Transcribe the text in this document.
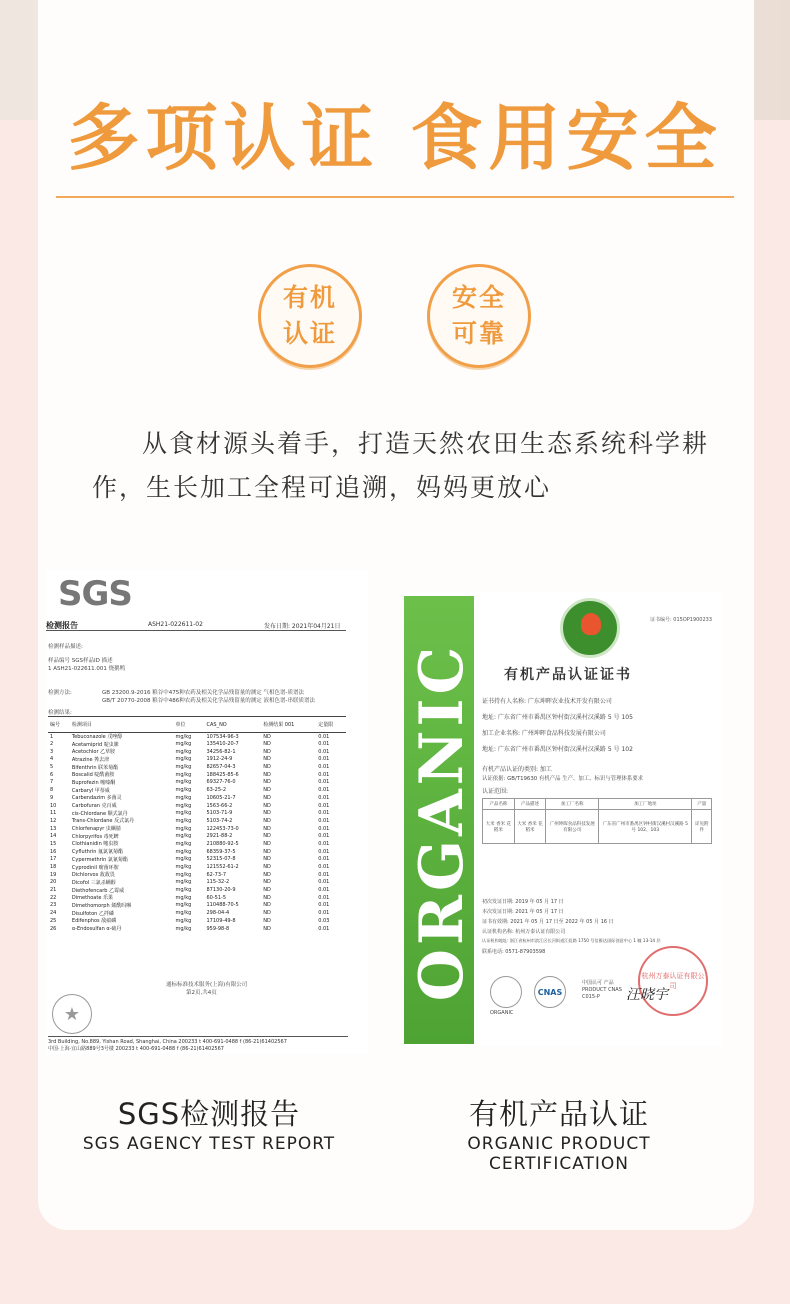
多项认证 食用安全
有机认证
安全可靠

从食材源头着手，打造天然农田生态系统科学耕作，生长加工全程可追溯，妈妈更放心

SGS
检测报告	ASH21-022611-02	发布日期: 2021年04月21日
检测样品描述:
样品编号 SGS样品ID 描述
1 ASH21-022611.001 烧鹅鸭
检测方法:	GB 23200.9-2016 粮谷中475种农药及相关化学品残留量的测定 气相色谱-质谱法
GB/T 20770-2008 粮谷中486种农药及相关化学品残留量的测定 液相色谱-串联质谱法
检测结果:
编号	检测项目	单位	CAS_NO	检测结果 001	定量限
1	Tebuconazole 戊唑醇	mg/kg	107534-96-3	ND	0.01
2	Acetamiprid 啶虫脒	mg/kg	135410-20-7	ND	0.01
3	Acetochlor 乙草胺	mg/kg	34256-82-1	ND	0.01
4	Atrazine 莠去津	mg/kg	1912-24-9	ND	0.01
5	Bifenthrin 联苯菊酯	mg/kg	82657-04-3	ND	0.01
6	Boscalid 啶酰菌胺	mg/kg	188425-85-6	ND	0.01
7	Buprofezin 噻嗪酮	mg/kg	69327-76-0	ND	0.01
8	Carbaryl 甲萘威	mg/kg	63-25-2	ND	0.01
9	Carbendazim 多菌灵	mg/kg	10605-21-7	ND	0.01
10	Carbofuran 克百威	mg/kg	1563-66-2	ND	0.01
11	cis-Chlordane 顺式氯丹	mg/kg	5103-71-9	ND	0.01
12	Trans-Chlordane 反式氯丹	mg/kg	5103-74-2	ND	0.01
13	Chlorfenapyr 虫螨腈	mg/kg	122453-73-0	ND	0.01
14	Chlorpyrifos 毒死蜱	mg/kg	2921-88-2	ND	0.01
15	Clothianidin 噻虫胺	mg/kg	210880-92-5	ND	0.01
16	Cyfluthrin 氟氯氰菊酯	mg/kg	68359-37-5	ND	0.01
17	Cypermethrin 氯氰菊酯	mg/kg	52315-07-8	ND	0.01
18	Cyprodinil 嘧菌环胺	mg/kg	121552-61-2	ND	0.01
19	Dichlorvos 敌敌畏	mg/kg	62-73-7	ND	0.01
20	Dicofol 三氯杀螨醇	mg/kg	115-32-2	ND	0.01
21	Diethofencarb 乙霉威	mg/kg	87130-20-9	ND	0.01
22	Dimethoate 乐果	mg/kg	60-51-5	ND	0.01
23	Dimethomorph 烯酰吗啉	mg/kg	110488-70-5	ND	0.01
24	Disulfoton 乙拌磷	mg/kg	298-04-4	ND	0.01
25	Edifenphos 敌瘟磷	mg/kg	17109-49-8	ND	0.03
26	α-Endosulfan α-硫丹	mg/kg	959-98-8	ND	0.01
通标标准技术服务(上海)有限公司
第2页,共4页
★
3rd Building, No.889, Yishan Road, Shanghai, China 200233 t 400-691-0488 f (86-21)61402567
中国·上海·宜山路889号3号楼 200233 t 400-691-0488 f (86-21)61402567
ORGANIC
证书编号: 015OP1900233
有机产品认证证书
证书持有人名称: 广东坤晖农业技术开发有限公司
地址: 广东省广州市番禺区钟村街汉溪村汉溪路 5 号 105
加工企业名称: 广州坤晖食品科技发展有限公司
地址: 广东省广州市番禺区钟村街汉溪村汉溪路 5 号 102
有机产品认证的类别: 加工
认证依据: GB/T19630 有机产品 生产、加工、标识与管理体系要求
认证范围:
产品名称	产品描述	加工厂名称	加工厂地址	产量
大米 香米 花稻米	大米 香米 花稻米	广州坤晖食品科技发展有限公司	广东省广州市番禺区钟村街汉溪村汉溪路 5 号 102、103	详见附件
初次发证日期: 2019 年 05 月 17 日
本次发证日期: 2021 年 05 月 17 日
证书有效期: 2021 年 05 月 17 日至 2022 年 05 月 16 日
认证机构名称: 杭州万泰认证有限公司
认证机构地址: 浙江省杭州市滨江区长河街道江虹路 1750 号信雅达国际创意中心 1 幢 13-14 层
联系电话: 0571-87903598
ORGANIC
CNAS
中国认可 产品 PRODUCT CNAS C015-P
杭州万泰认证有限公司
汪晓宇
SGS检测报告
SGS AGENCY TEST REPORT
有机产品认证
ORGANIC PRODUCT CERTIFICATION
